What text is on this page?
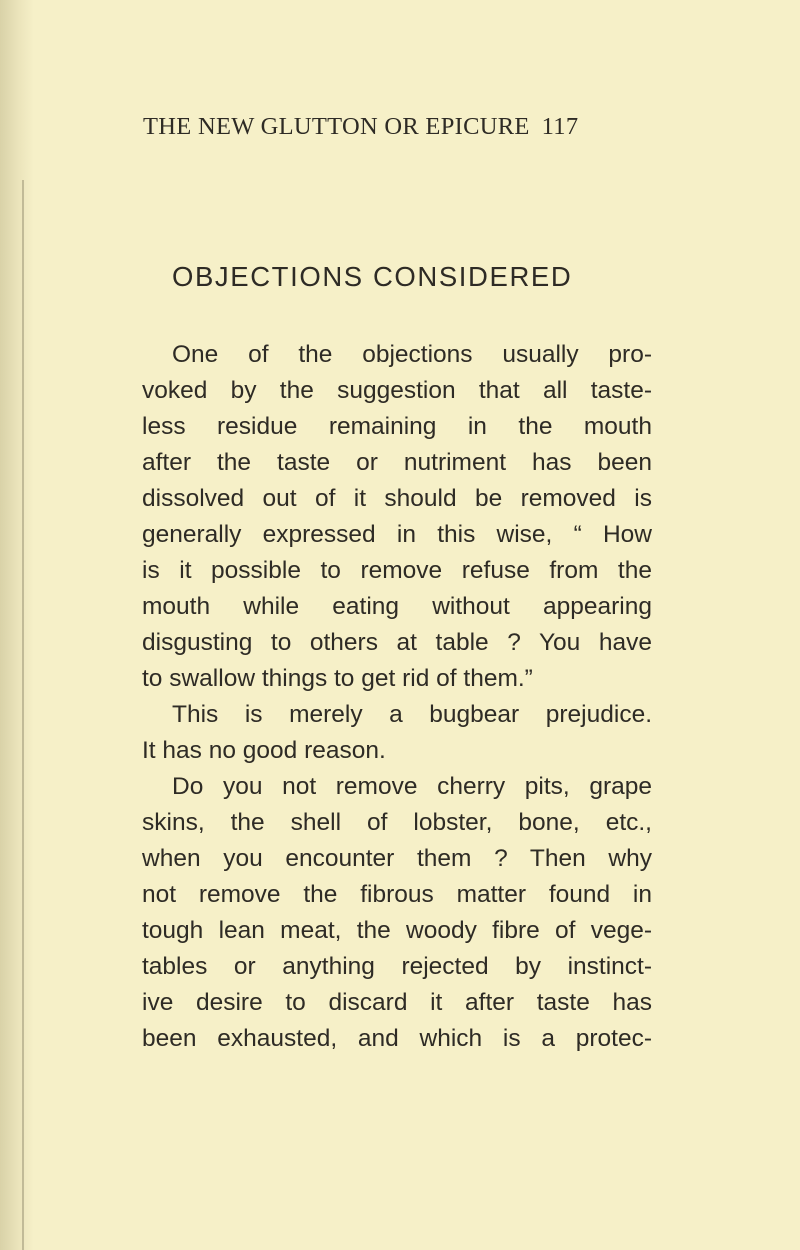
THE NEW GLUTTON OR EPICURE 117
OBJECTIONS CONSIDERED
One of the objections usually pro-
voked by the suggestion that all taste-
less residue remaining in the mouth
after the taste or nutriment has been
dissolved out of it should be removed is
generally expressed in this wise, “ How
is it possible to remove refuse from the
mouth while eating without appearing
disgusting to others at table ? You have
to swallow things to get rid of them.”
This is merely a bugbear prejudice.
It has no good reason.
Do you not remove cherry pits, grape
skins, the shell of lobster, bone, etc.,
when you encounter them ? Then why
not remove the fibrous matter found in
tough lean meat, the woody fibre of vege-
tables or anything rejected by instinct-
ive desire to discard it after taste has
been exhausted, and which is a protec-
